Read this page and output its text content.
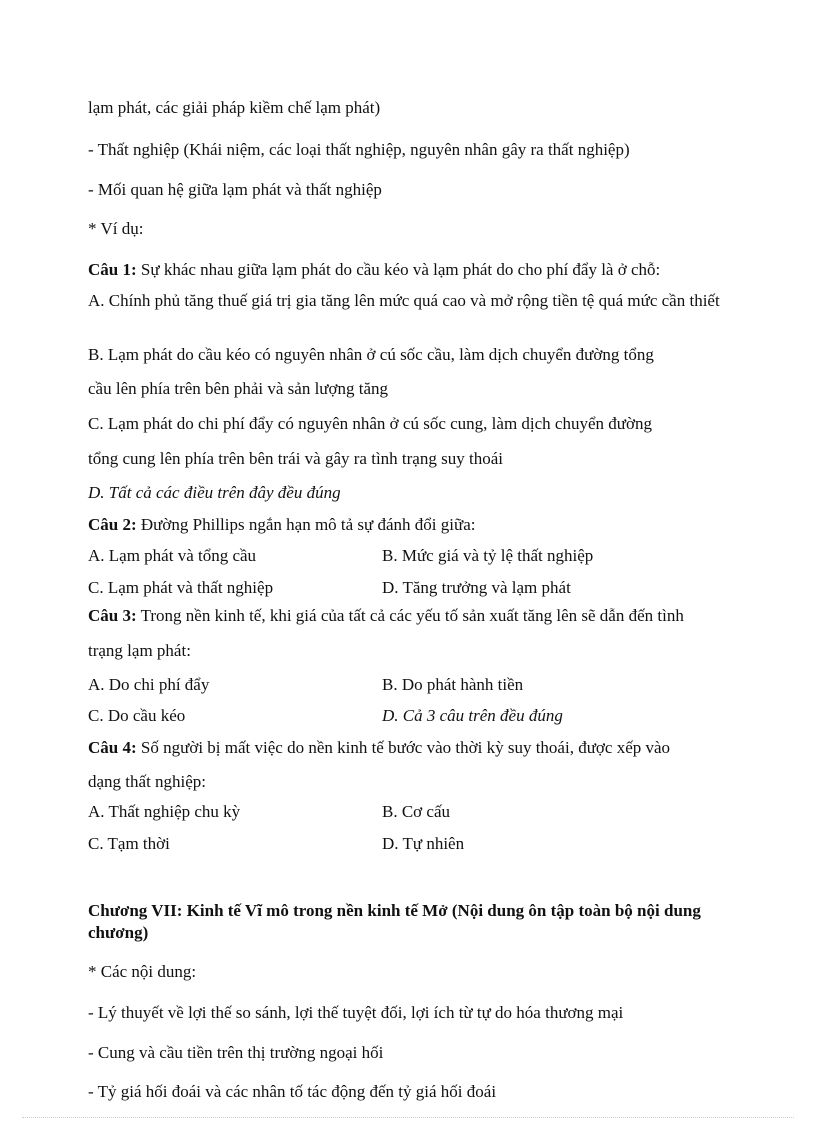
lạm phát, các giải pháp kiềm chế lạm phát)
- Thất nghiệp (Khái niệm, các loại thất nghiệp, nguyên nhân gây ra thất nghiệp)
- Mối quan hệ giữa lạm phát và thất nghiệp
* Ví dụ:
Câu 1: Sự khác nhau giữa lạm phát do cầu kéo và lạm phát do cho phí đẩy là ở chỗ:
A. Chính phủ tăng thuế giá trị gia tăng lên mức quá cao và mở rộng tiền tệ quá mức cần thiết
B. Lạm phát do cầu kéo có nguyên nhân ở cú sốc cầu, làm dịch chuyển đường tổng
cầu lên phía trên bên phải và sản lượng tăng
C. Lạm phát do chi phí đẩy có nguyên nhân ở cú sốc cung, làm dịch chuyển đường
tổng cung lên phía trên bên trái và gây ra tình trạng suy thoái
D. Tất cả các điều trên đây đều đúng
Câu 2: Đường Phillips ngắn hạn mô tả sự đánh đổi giữa:
A. Lạm phát và tổng cầu	B. Mức giá và tỷ lệ thất nghiệp
C. Lạm phát và thất nghiệp	D. Tăng trưởng và lạm phát
Câu 3: Trong nền kinh tế, khi giá của tất cả các yếu tố sản xuất tăng lên sẽ dẫn đến tình
trạng lạm phát:
A. Do chi phí đẩy	B. Do phát hành tiền
C. Do cầu kéo	D. Cả 3 câu trên đều đúng
Câu 4: Số người bị mất việc do nền kinh tế bước vào thời kỳ suy thoái, được xếp vào
dạng thất nghiệp:
A. Thất nghiệp chu kỳ	B. Cơ cấu
C. Tạm thời	D. Tự nhiên
Chương VII: Kinh tế Vĩ mô trong nền kinh tế Mở (Nội dung ôn tập toàn bộ nội dung chương)
* Các nội dung:
- Lý thuyết về lợi thế so sánh, lợi thế tuyệt đối, lợi ích từ tự do hóa thương mại
- Cung và cầu tiền trên thị trường ngoại hối
- Tỷ giá hối đoái và các nhân tố tác động đến tỷ giá hối đoái
